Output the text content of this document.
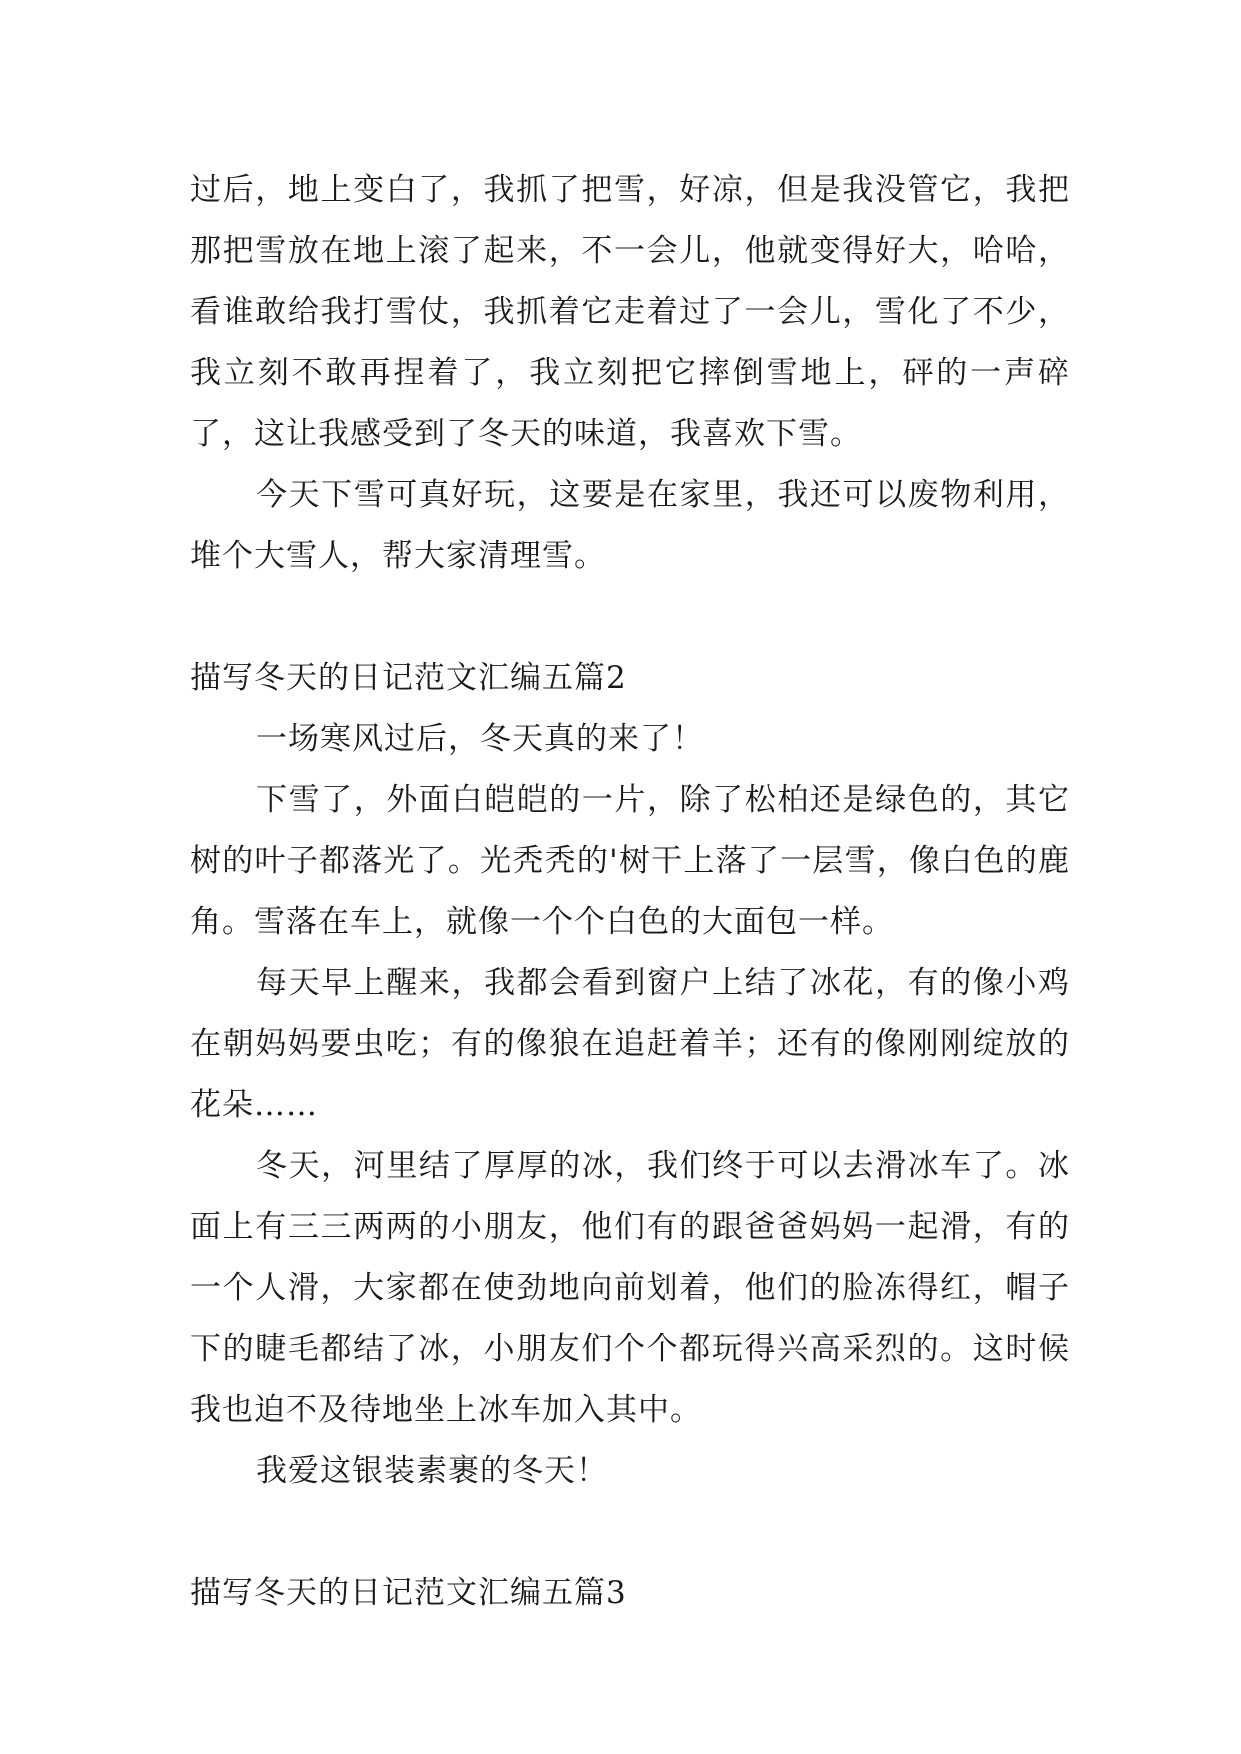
过后，地上变白了，我抓了把雪，好凉，但是我没管它，我把那把雪放在地上滚了起来，不一会儿，他就变得好大，哈哈，看谁敢给我打雪仗，我抓着它走着过了一会儿，雪化了不少，我立刻不敢再捏着了，我立刻把它摔倒雪地上，砰的一声碎了，这让我感受到了冬天的味道，我喜欢下雪。

今天下雪可真好玩，这要是在家里，我还可以废物利用，堆个大雪人，帮大家清理雪。

描写冬天的日记范文汇编五篇2

一场寒风过后，冬天真的来了！

下雪了，外面白皑皑的一片，除了松柏还是绿色的，其它树的叶子都落光了。光秃秃的'树干上落了一层雪，像白色的鹿角。雪落在车上，就像一个个白色的大面包一样。

每天早上醒来，我都会看到窗户上结了冰花，有的像小鸡在朝妈妈要虫吃；有的像狼在追赶着羊；还有的像刚刚绽放的花朵……

冬天，河里结了厚厚的冰，我们终于可以去滑冰车了。冰面上有三三两两的小朋友，他们有的跟爸爸妈妈一起滑，有的一个人滑，大家都在使劲地向前划着，他们的脸冻得红，帽子下的睫毛都结了冰，小朋友们个个都玩得兴高采烈的。这时候我也迫不及待地坐上冰车加入其中。

我爱这银装素裹的冬天！

描写冬天的日记范文汇编五篇3
